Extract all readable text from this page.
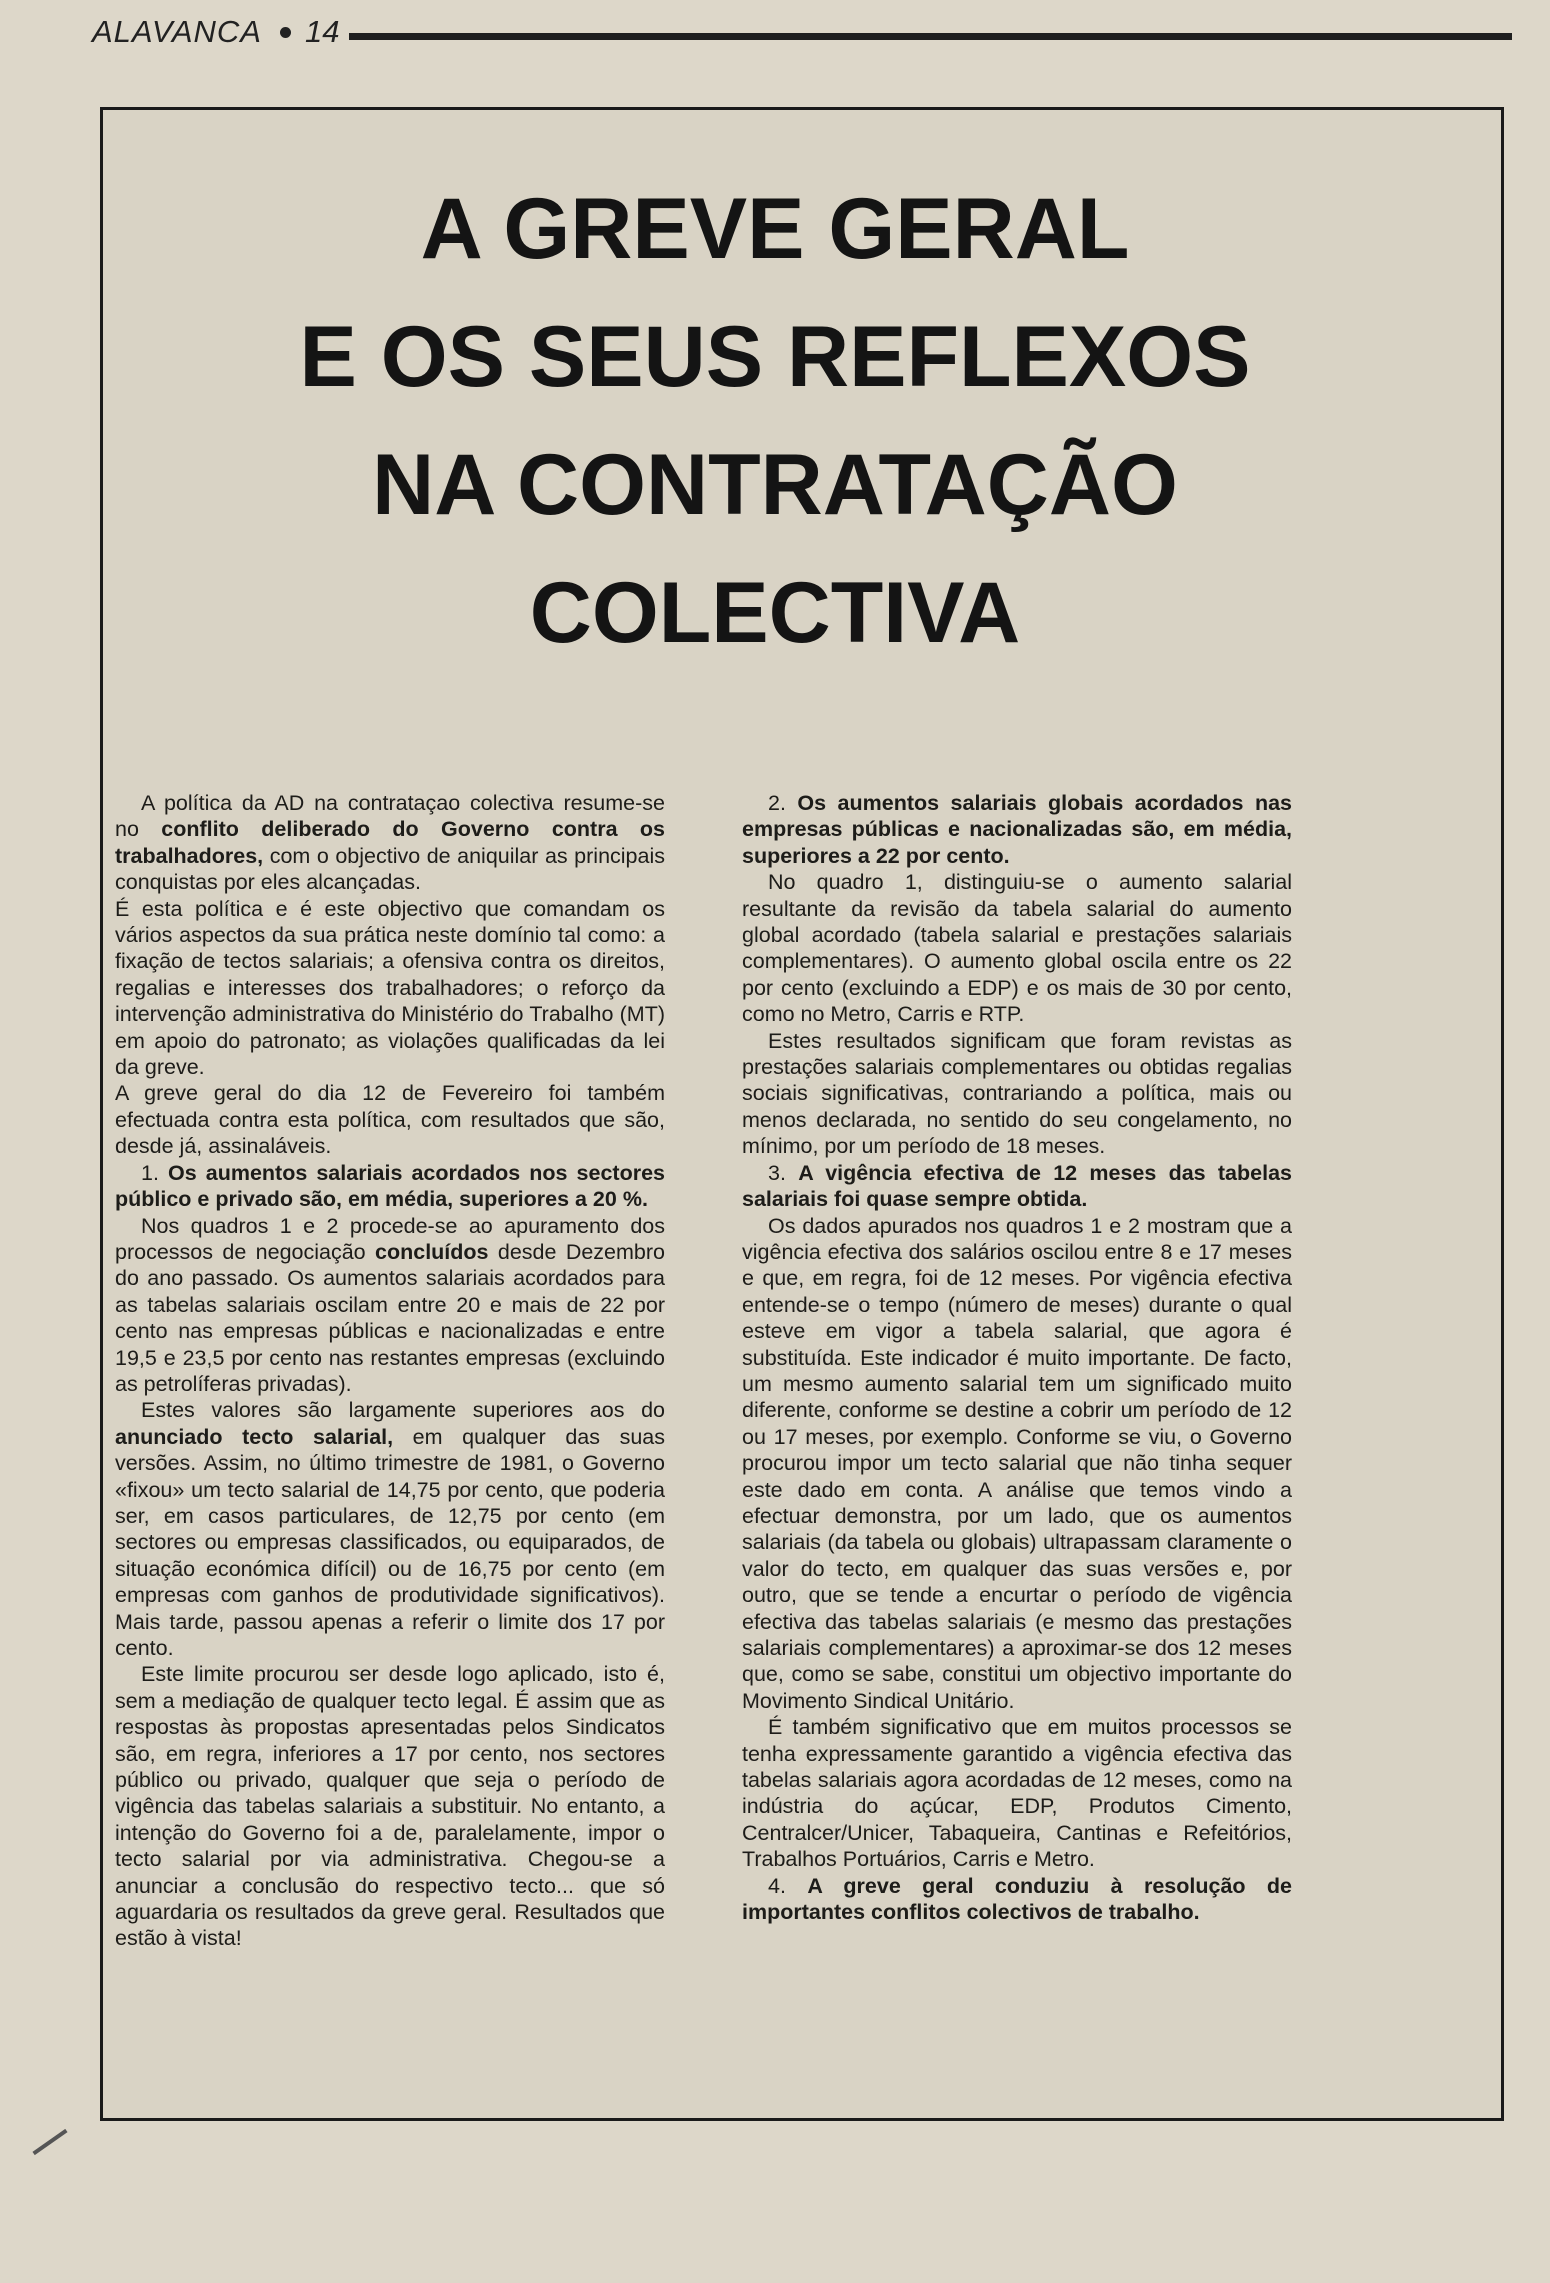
ALAVANCA 14
A GREVE GERAL
E OS SEUS REFLEXOS
NA CONTRATAÇÃO
COLECTIVA

A política da AD na contrataçao colectiva resume-se no conflito deliberado do Governo contra os trabalhadores, com o objectivo de aniquilar as principais conquistas por eles alcançadas.

É esta política e é este objectivo que comandam os vários aspectos da sua prática neste domínio tal como: a fixação de tectos salariais; a ofensiva contra os direitos, regalias e interesses dos trabalhadores; o reforço da intervenção administrativa do Ministério do Trabalho (MT) em apoio do patronato; as violações qualificadas da lei da greve.

A greve geral do dia 12 de Fevereiro foi também efectuada contra esta política, com resultados que são, desde já, assinaláveis.

1. Os aumentos salariais acordados nos sectores público e privado são, em média, superiores a 20 %.

Nos quadros 1 e 2 procede-se ao apuramento dos processos de negociação concluídos desde Dezembro do ano passado. Os aumentos salariais acordados para as tabelas salariais oscilam entre 20 e mais de 22 por cento nas empresas públicas e nacionalizadas e entre 19,5 e 23,5 por cento nas restantes empresas (excluindo as petrolíferas privadas).

Estes valores são largamente superiores aos do anunciado tecto salarial, em qualquer das suas versões. Assim, no último trimestre de 1981, o Governo «fixou» um tecto salarial de 14,75 por cento, que poderia ser, em casos particulares, de 12,75 por cento (em sectores ou empresas classificados, ou equiparados, de situação económica difícil) ou de 16,75 por cento (em empresas com ganhos de produtividade significativos). Mais tarde, passou apenas a referir o limite dos 17 por cento.

Este limite procurou ser desde logo aplicado, isto é, sem a mediação de qualquer tecto legal. É assim que as respostas às propostas apresentadas pelos Sindicatos são, em regra, inferiores a 17 por cento, nos sectores público ou privado, qualquer que seja o período de vigência das tabelas salariais a substituir. No entanto, a intenção do Governo foi a de, paralelamente, impor o tecto salarial por via administrativa. Chegou-se a anunciar a conclusão do respectivo tecto... que só aguardaria os resultados da greve geral. Resultados que estão à vista!

2. Os aumentos salariais globais acordados nas empresas públicas e nacionalizadas são, em média, superiores a 22 por cento.

No quadro 1, distinguiu-se o aumento salarial resultante da revisão da tabela salarial do aumento global acordado (tabela salarial e prestações salariais complementares). O aumento global oscila entre os 22 por cento (excluindo a EDP) e os mais de 30 por cento, como no Metro, Carris e RTP.

Estes resultados significam que foram revistas as prestações salariais complementares ou obtidas regalias sociais significativas, contrariando a política, mais ou menos declarada, no sentido do seu congelamento, no mínimo, por um período de 18 meses.

3. A vigência efectiva de 12 meses das tabelas salariais foi quase sempre obtida.

Os dados apurados nos quadros 1 e 2 mostram que a vigência efectiva dos salários oscilou entre 8 e 17 meses e que, em regra, foi de 12 meses. Por vigência efectiva entende-se o tempo (número de meses) durante o qual esteve em vigor a tabela salarial, que agora é substituída. Este indicador é muito importante. De facto, um mesmo aumento salarial tem um significado muito diferente, conforme se destine a cobrir um período de 12 ou 17 meses, por exemplo. Conforme se viu, o Governo procurou impor um tecto salarial que não tinha sequer este dado em conta. A análise que temos vindo a efectuar demonstra, por um lado, que os aumentos salariais (da tabela ou globais) ultrapassam claramente o valor do tecto, em qualquer das suas versões e, por outro, que se tende a encurtar o período de vigência efectiva das tabelas salariais (e mesmo das prestações salariais complementares) a aproximar-se dos 12 meses que, como se sabe, constitui um objectivo importante do Movimento Sindical Unitário.

É também significativo que em muitos processos se tenha expressamente garantido a vigência efectiva das tabelas salariais agora acordadas de 12 meses, como na indústria do açúcar, EDP, Produtos Cimento, Centralcer/Unicer, Tabaqueira, Cantinas e Refeitórios, Trabalhos Portuários, Carris e Metro.

4. A greve geral conduziu à resolução de importantes conflitos colectivos de trabalho.
